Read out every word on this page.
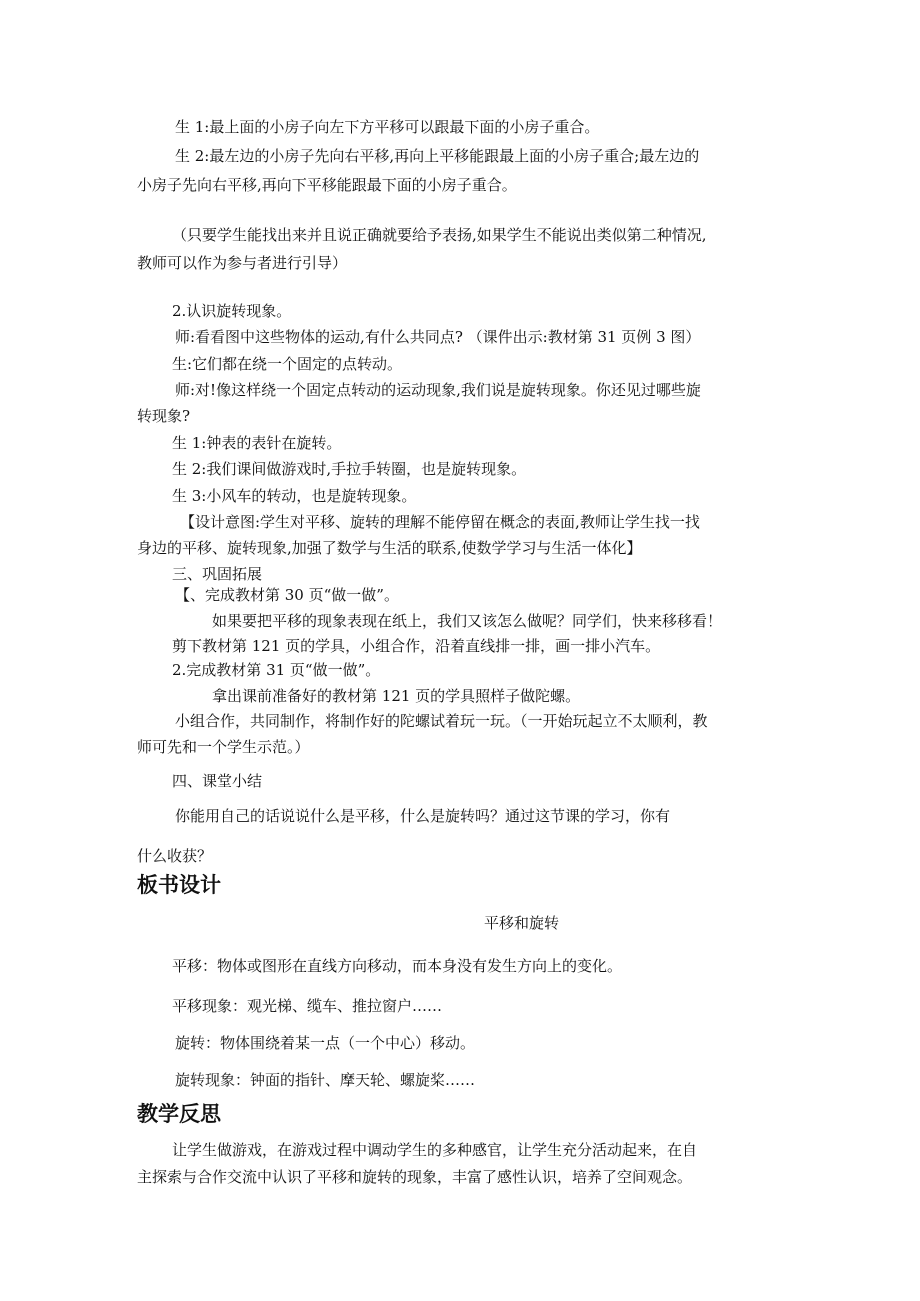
生 1:最上面的小房子向左下方平移可以跟最下面的小房子重合。
生 2:最左边的小房子先向右平移,再向上平移能跟最上面的小房子重合;最左边的
小房子先向右平移,再向下平移能跟最下面的小房子重合。
（只要学生能找出来并且说正确就要给予表扬,如果学生不能说出类似第二种情况,
教师可以作为参与者进行引导）
2.认识旋转现象。
师:看看图中这些物体的运动,有什么共同点? （课件出示:教材第 31 页例 3 图）
生:它们都在绕一个固定的点转动。
师:对!像这样绕一个固定点转动的运动现象,我们说是旋转现象。你还见过哪些旋
转现象?
生 1:钟表的表针在旋转。
生 2:我们课间做游戏时,手拉手转圈，也是旋转现象。
生 3:小风车的转动，也是旋转现象。
【设计意图:学生对平移、旋转的理解不能停留在概念的表面,教师让学生找一找
身边的平移、旋转现象,加强了数学与生活的联系,使数学学习与生活一体化】
三、巩固拓展
【、完成教材第 30 页“做一做”。
如果要把平移的现象表现在纸上，我们又该怎么做呢？同学们，快来移移看！
剪下教材第 121 页的学具，小组合作，沿着直线排一排，画一排小汽车。
2.完成教材第 31 页“做一做”。
拿出课前准备好的教材第 121 页的学具照样子做陀螺。
小组合作，共同制作，将制作好的陀螺试着玩一玩。（一开始玩起立不太顺利，教
师可先和一个学生示范。）
四、课堂小结
你能用自己的话说说什么是平移，什么是旋转吗？通过这节课的学习，你有
什么收获？
板书设计
平移和旋转
平移：物体或图形在直线方向移动，而本身没有发生方向上的变化。
平移现象：观光梯、缆车、推拉窗户……
旋转：物体围绕着某一点（一个中心）移动。
旋转现象：钟面的指针、摩天轮、螺旋桨……
教学反思
让学生做游戏，在游戏过程中调动学生的多种感官，让学生充分活动起来，在自
主探索与合作交流中认识了平移和旋转的现象，丰富了感性认识，培养了空间观念。
